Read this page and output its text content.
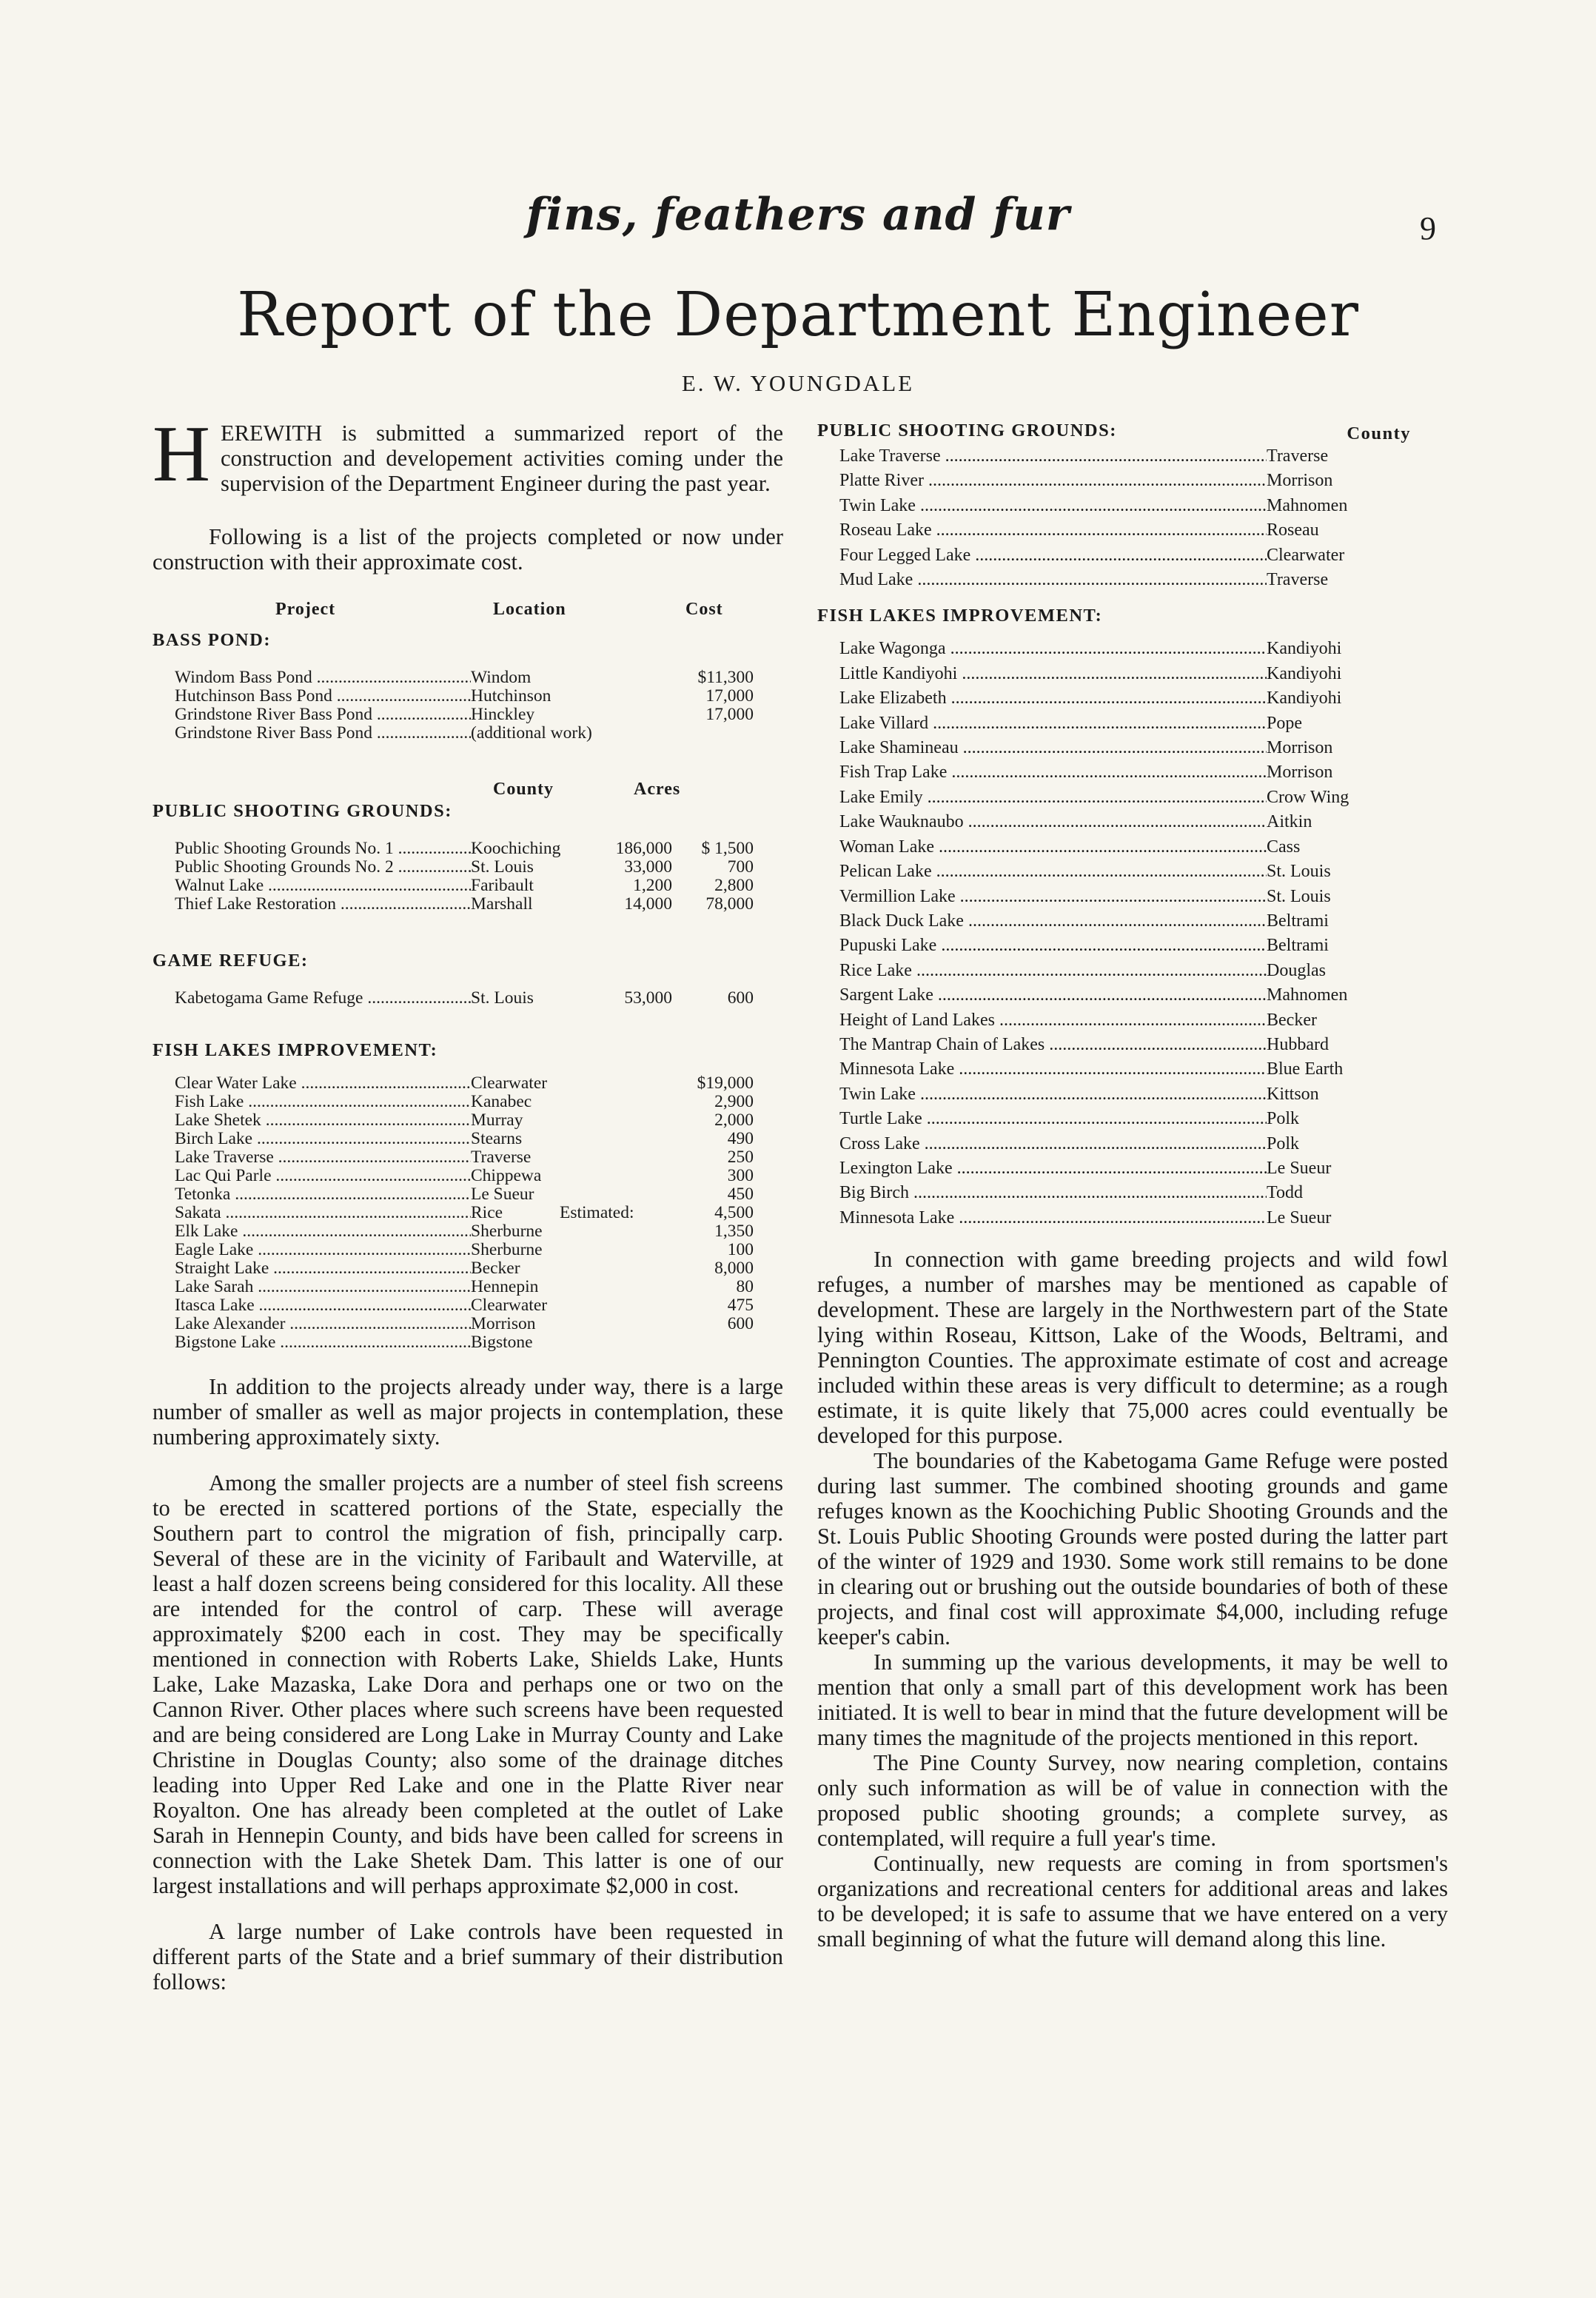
fins, feathers and fur	9
Report of the Department Engineer
E. W. YOUNGDALE

HEREWITH is submitted a summarized report of the construction and developement activities coming under the supervision of the Department Engineer during the past year.

Following is a list of the projects completed or now under construction with their approximate cost.

Project	Location	Cost
BASS POND:
Windom Bass Pond .....	Windom	$11,300
Hutchinson Bass Pond .....	Hutchinson	17,000
Grindstone River Bass Pond .....	Hinckley	17,000
Grindstone River Bass Pond .....	(additional work)
County	Acres
PUBLIC SHOOTING GROUNDS:
Public Shooting Grounds No. 1 .....	Koochiching	186,000	$ 1,500
Public Shooting Grounds No. 2 .....	St. Louis	33,000	700
Walnut Lake .....	Faribault	1,200	2,800
Thief Lake Restoration .....	Marshall	14,000	78,000
GAME REFUGE:
Kabetogama Game Refuge .....	St. Louis	53,000	600
FISH LAKES IMPROVEMENT:
Clear Water Lake .....	Clearwater	$19,000
Fish Lake .....	Kanabec	2,900
Lake Shetek .....	Murray	2,000
Birch Lake .....	Stearns	490
Lake Traverse .....	Traverse	250
Lac Qui Parle .....	Chippewa	300
Tetonka .....	Le Sueur	450
Sakata .....	Rice	Estimated:	4,500
Elk Lake .....	Sherburne	1,350
Eagle Lake .....	Sherburne	100
Straight Lake .....	Becker	8,000
Lake Sarah .....	Hennepin	80
Itasca Lake .....	Clearwater	475
Lake Alexander .....	Morrison	600
Bigstone Lake .....	Bigstone

In addition to the projects already under way, there is a large number of smaller as well as major projects in contemplation, these numbering approximately sixty.

Among the smaller projects are a number of steel fish screens to be erected in scattered portions of the State, especially the Southern part to control the migration of fish, principally carp. Several of these are in the vicinity of Faribault and Waterville, at least a half dozen screens being considered for this locality. All these are intended for the control of carp. These will average approximately $200 each in cost. They may be specifically mentioned in connection with Roberts Lake, Shields Lake, Hunts Lake, Lake Mazaska, Lake Dora and perhaps one or two on the Cannon River. Other places where such screens have been requested and are being considered are Long Lake in Murray County and Lake Christine in Douglas County; also some of the drainage ditches leading into Upper Red Lake and one in the Platte River near Royalton. One has already been completed at the outlet of Lake Sarah in Hennepin County, and bids have been called for screens in connection with the Lake Shetek Dam. This latter is one of our largest installations and will perhaps approximate $2,000 in cost.

A large number of Lake controls have been requested in different parts of the State and a brief summary of their distribution follows:

PUBLIC SHOOTING GROUNDS:	County
Lake Traverse .....	Traverse
Platte River .....	Morrison
Twin Lake .....	Mahnomen
Roseau Lake .....	Roseau
Four Legged Lake .....	Clearwater
Mud Lake .....	Traverse
FISH LAKES IMPROVEMENT:
Lake Wagonga .....	Kandiyohi
Little Kandiyohi .....	Kandiyohi
Lake Elizabeth .....	Kandiyohi
Lake Villard .....	Pope
Lake Shamineau .....	Morrison
Fish Trap Lake .....	Morrison
Lake Emily .....	Crow Wing
Lake Wauknaubo .....	Aitkin
Woman Lake .....	Cass
Pelican Lake .....	St. Louis
Vermillion Lake .....	St. Louis
Black Duck Lake .....	Beltrami
Pupuski Lake .....	Beltrami
Rice Lake .....	Douglas
Sargent Lake .....	Mahnomen
Height of Land Lakes .....	Becker
The Mantrap Chain of Lakes .....	Hubbard
Minnesota Lake .....	Blue Earth
Twin Lake .....	Kittson
Turtle Lake .....	Polk
Cross Lake .....	Polk
Lexington Lake .....	Le Sueur
Big Birch .....	Todd
Minnesota Lake .....	Le Sueur

In connection with game breeding projects and wild fowl refuges, a number of marshes may be mentioned as capable of development. These are largely in the Northwestern part of the State lying within Roseau, Kittson, Lake of the Woods, Beltrami, and Pennington Counties. The approximate estimate of cost and acreage included within these areas is very difficult to determine; as a rough estimate, it is quite likely that 75,000 acres could eventually be developed for this purpose.

The boundaries of the Kabetogama Game Refuge were posted during last summer. The combined shooting grounds and game refuges known as the Koochiching Public Shooting Grounds and the St. Louis Public Shooting Grounds were posted during the latter part of the winter of 1929 and 1930. Some work still remains to be done in clearing out or brushing out the outside boundaries of both of these projects, and final cost will approximate $4,000, including refuge keeper's cabin.

In summing up the various developments, it may be well to mention that only a small part of this development work has been initiated. It is well to bear in mind that the future development will be many times the magnitude of the projects mentioned in this report.

The Pine County Survey, now nearing completion, contains only such information as will be of value in connection with the proposed public shooting grounds; a complete survey, as contemplated, will require a full year's time.

Continually, new requests are coming in from sportsmen's organizations and recreational centers for additional areas and lakes to be developed; it is safe to assume that we have entered on a very small beginning of what the future will demand along this line.
